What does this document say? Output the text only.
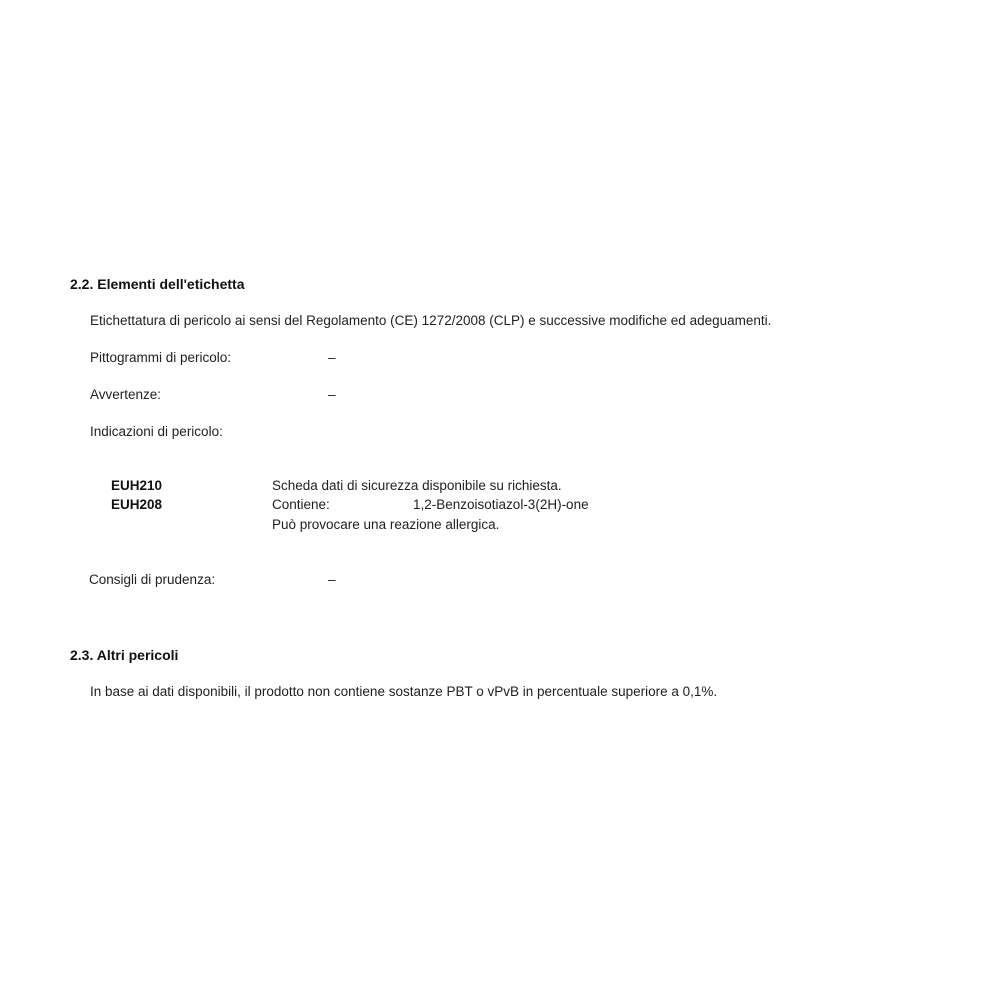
2.2. Elementi dell'etichetta
Etichettatura di pericolo ai sensi del Regolamento (CE) 1272/2008 (CLP) e successive modifiche ed adeguamenti.
Pittogrammi di pericolo:	–
Avvertenze:	–
Indicazioni di pericolo:
EUH210	Scheda dati di sicurezza disponibile su richiesta.
EUH208	Contiene:	1,2-Benzoisotiazol-3(2H)-one
Può provocare una reazione allergica.
Consigli di prudenza:	–
2.3. Altri pericoli
In base ai dati disponibili, il prodotto non contiene sostanze PBT o vPvB in percentuale superiore a 0,1%.
